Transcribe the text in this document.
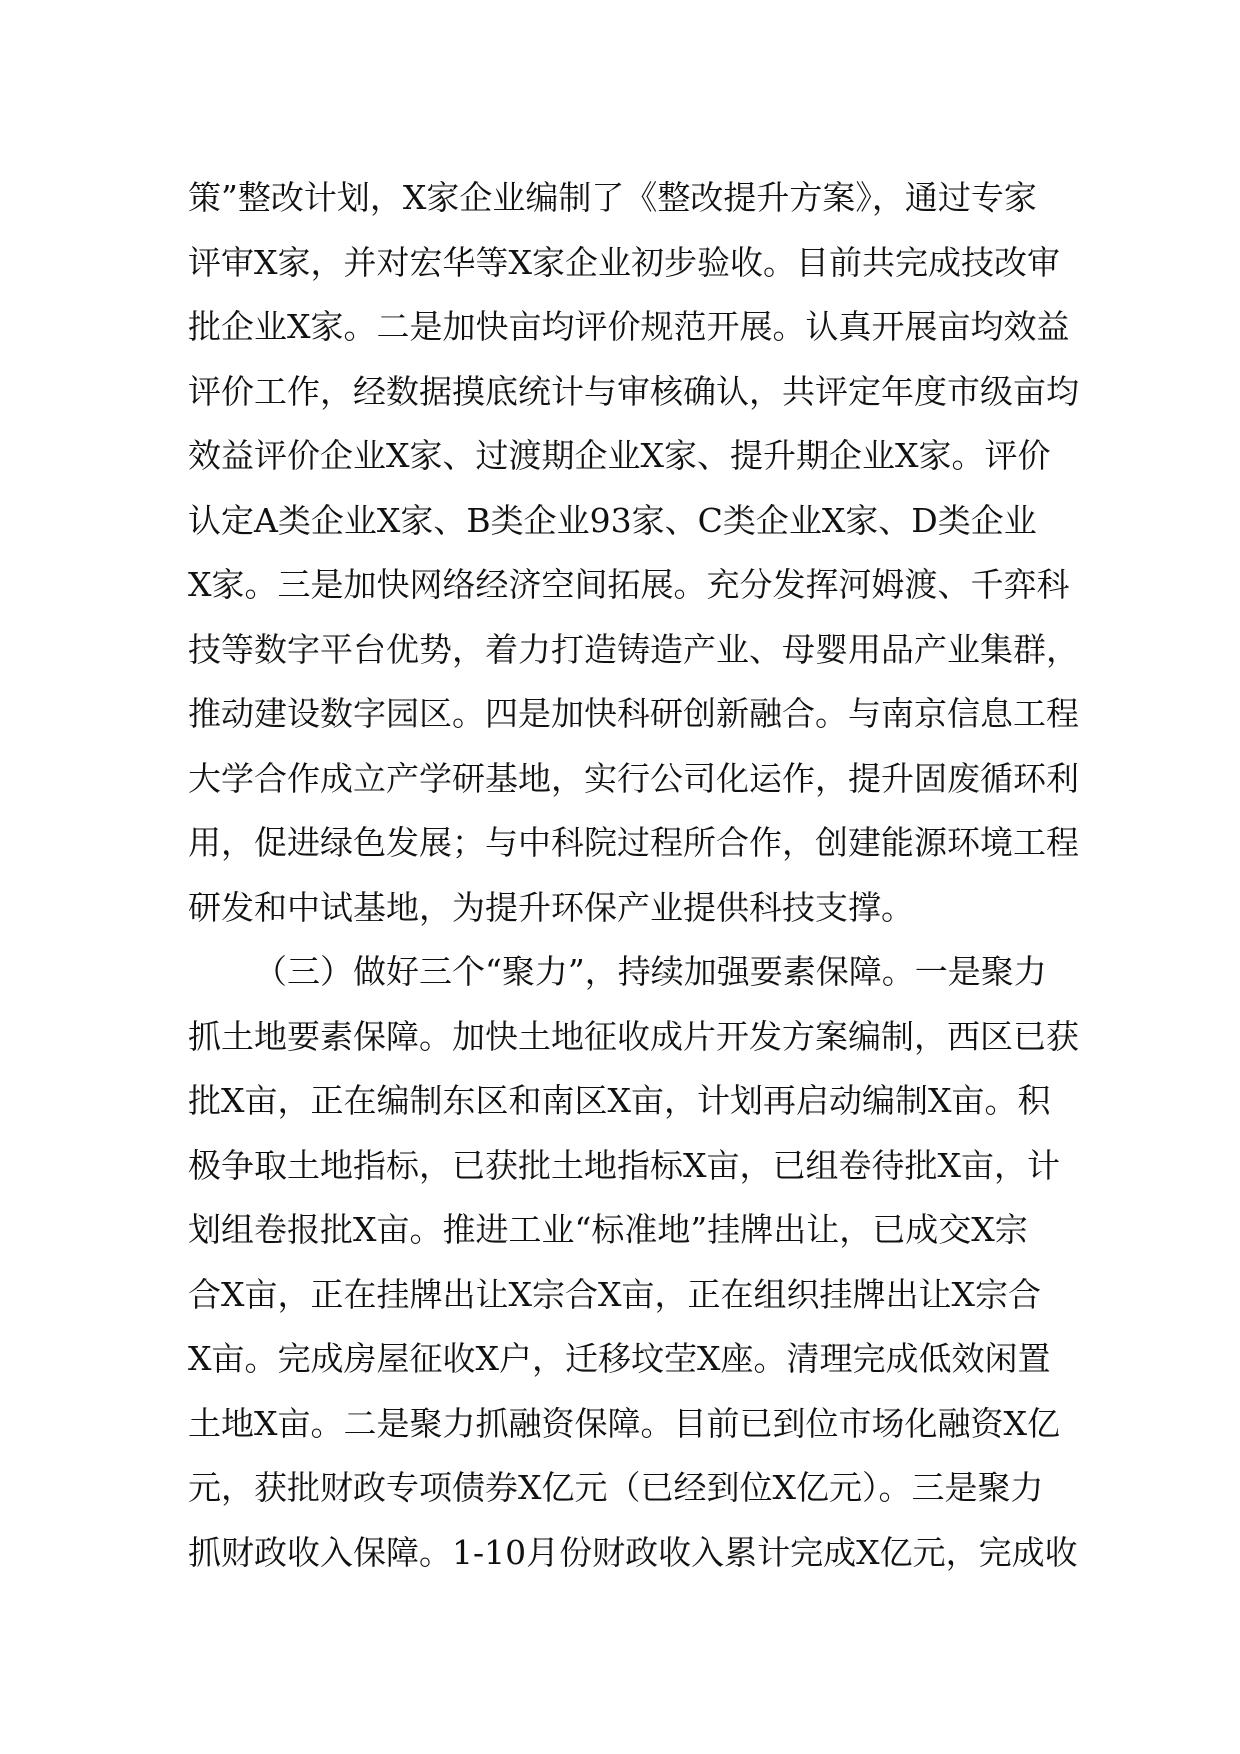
策”整改计划，X家企业编制了《整改提升方案》，通过专家
评审X家，并对宏华等X家企业初步验收。目前共完成技改审
批企业X家。二是加快亩均评价规范开展。认真开展亩均效益
评价工作，经数据摸底统计与审核确认，共评定年度市级亩均
效益评价企业X家、过渡期企业X家、提升期企业X家。评价
认定A类企业X家、B类企业93家、C类企业X家、D类企业
X家。三是加快网络经济空间拓展。充分发挥河姆渡、千弈科
技等数字平台优势，着力打造铸造产业、母婴用品产业集群，
推动建设数字园区。四是加快科研创新融合。与南京信息工程
大学合作成立产学研基地，实行公司化运作，提升固废循环利
用，促进绿色发展；与中科院过程所合作，创建能源环境工程
研发和中试基地，为提升环保产业提供科技支撑。
（三）做好三个“聚力”，持续加强要素保障。一是聚力
抓土地要素保障。加快土地征收成片开发方案编制，西区已获
批X亩，正在编制东区和南区X亩，计划再启动编制X亩。积
极争取土地指标，已获批土地指标X亩，已组卷待批X亩，计
划组卷报批X亩。推进工业“标准地”挂牌出让，已成交X宗
合X亩，正在挂牌出让X宗合X亩，正在组织挂牌出让X宗合
X亩。完成房屋征收X户，迁移坟茔X座。清理完成低效闲置
土地X亩。二是聚力抓融资保障。目前已到位市场化融资X亿
元，获批财政专项债券X亿元（已经到位X亿元）。三是聚力
抓财政收入保障。1-10月份财政收入累计完成X亿元，完成收
